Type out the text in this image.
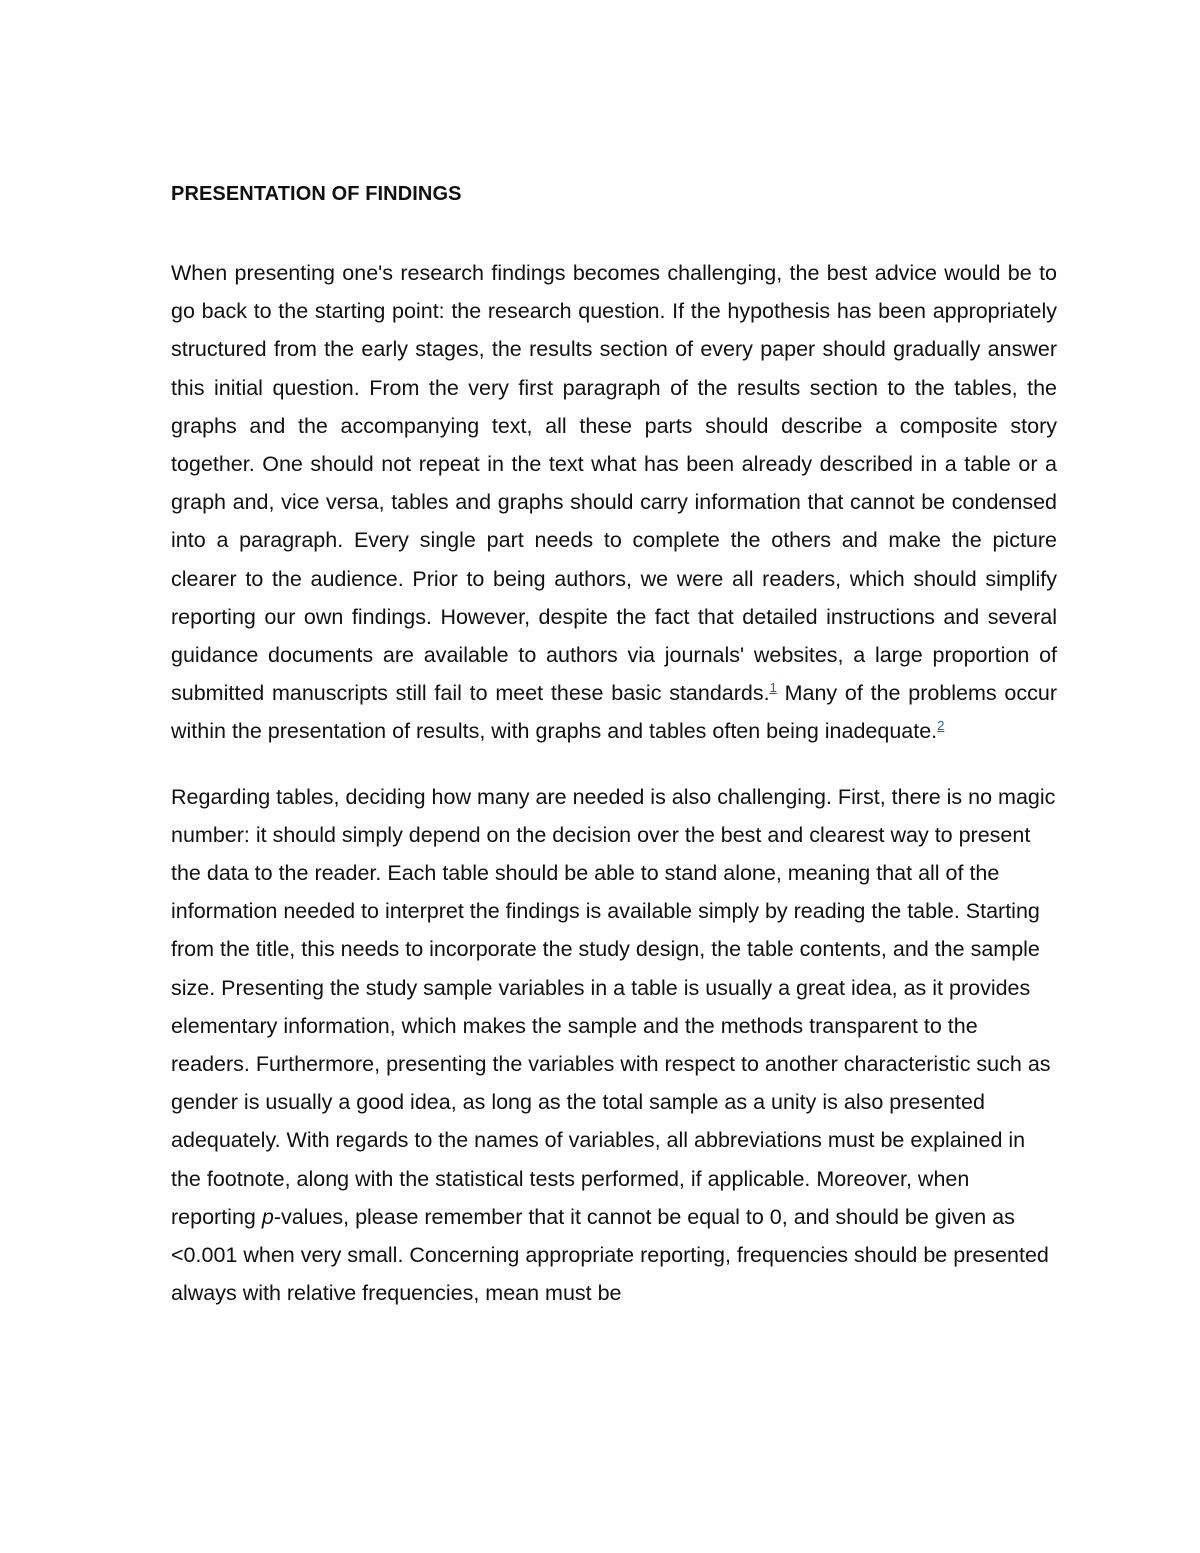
PRESENTATION OF FINDINGS

When presenting one's research findings becomes challenging, the best advice would be to go back to the starting point: the research question. If the hypothesis has been appropriately structured from the early stages, the results section of every paper should gradually answer this initial question. From the very first paragraph of the results section to the tables, the graphs and the accompanying text, all these parts should describe a composite story together. One should not repeat in the text what has been already described in a table or a graph and, vice versa, tables and graphs should carry information that cannot be condensed into a paragraph. Every single part needs to complete the others and make the picture clearer to the audience. Prior to being authors, we were all readers, which should simplify reporting our own findings. However, despite the fact that detailed instructions and several guidance documents are available to authors via journals' websites, a large proportion of submitted manuscripts still fail to meet these basic standards.$^1$ Many of the problems occur within the presentation of results, with graphs and tables often being inadequate.$^2$

Regarding tables, deciding how many are needed is also challenging. First, there is no magic number: it should simply depend on the decision over the best and clearest way to present the data to the reader. Each table should be able to stand alone, meaning that all of the information needed to interpret the findings is available simply by reading the table. Starting from the title, this needs to incorporate the study design, the table contents, and the sample size. Presenting the study sample variables in a table is usually a great idea, as it provides elementary information, which makes the sample and the methods transparent to the readers. Furthermore, presenting the variables with respect to another characteristic such as gender is usually a good idea, as long as the total sample as a unity is also presented adequately. With regards to the names of variables, all abbreviations must be explained in the footnote, along with the statistical tests performed, if applicable. Moreover, when reporting p-values, please remember that it cannot be equal to 0, and should be given as <0.001 when very small. Concerning appropriate reporting, frequencies should be presented always with relative frequencies, mean must be
